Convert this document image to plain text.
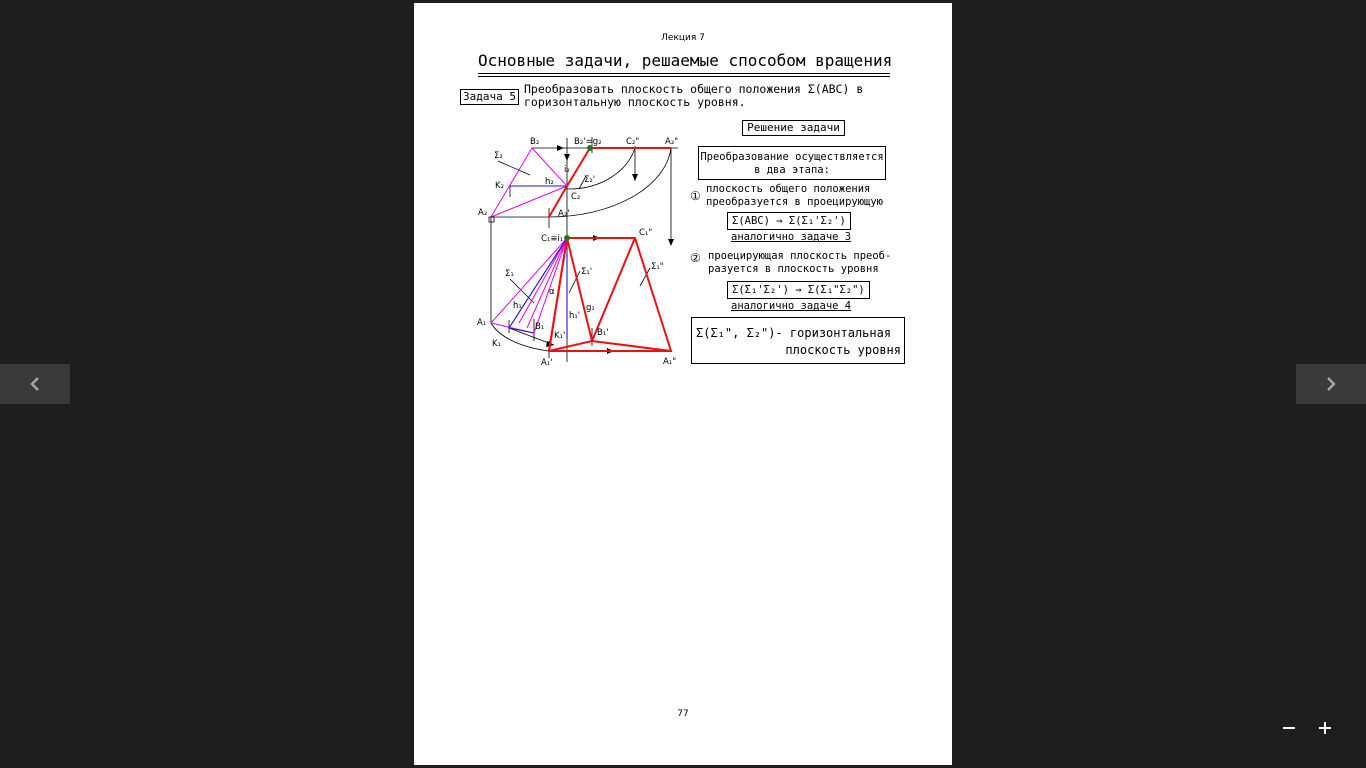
Лекция 7
Основные задачи, решаемые способом вращения
Задача 5
Преобразовать плоскость общего положения Σ(ABC) в
горизонтальную плоскость уровня.
Решение задачи
Преобразование осуществляется
в два этапа:
① плоскость общего положения
преобразуется в проецирующую
Σ(ABC) → Σ(Σ₁'Σ₂')
аналогично задаче 3
② проецирующая плоскость преоб-
разуется в плоскость уровня
Σ(Σ₁'Σ₂') → Σ(Σ₁"Σ₂")
аналогично задаче 4
Σ(Σ₁", Σ₂")- горизонтальная
плоскость уровня
B₂	B₂'=g₂	C₂"	A₂"
Σ₂
i₂
Σ₂'
K₂	h₂
C₂
A₂	A₂'
C₁≡i₁
C₁"
Σ₁	Σ₁'	Σ₁"
α
h₁	g₁
B₁
h₁'
A₁
K₁'	B₁'
K₁
A₁'	A₁"
77
